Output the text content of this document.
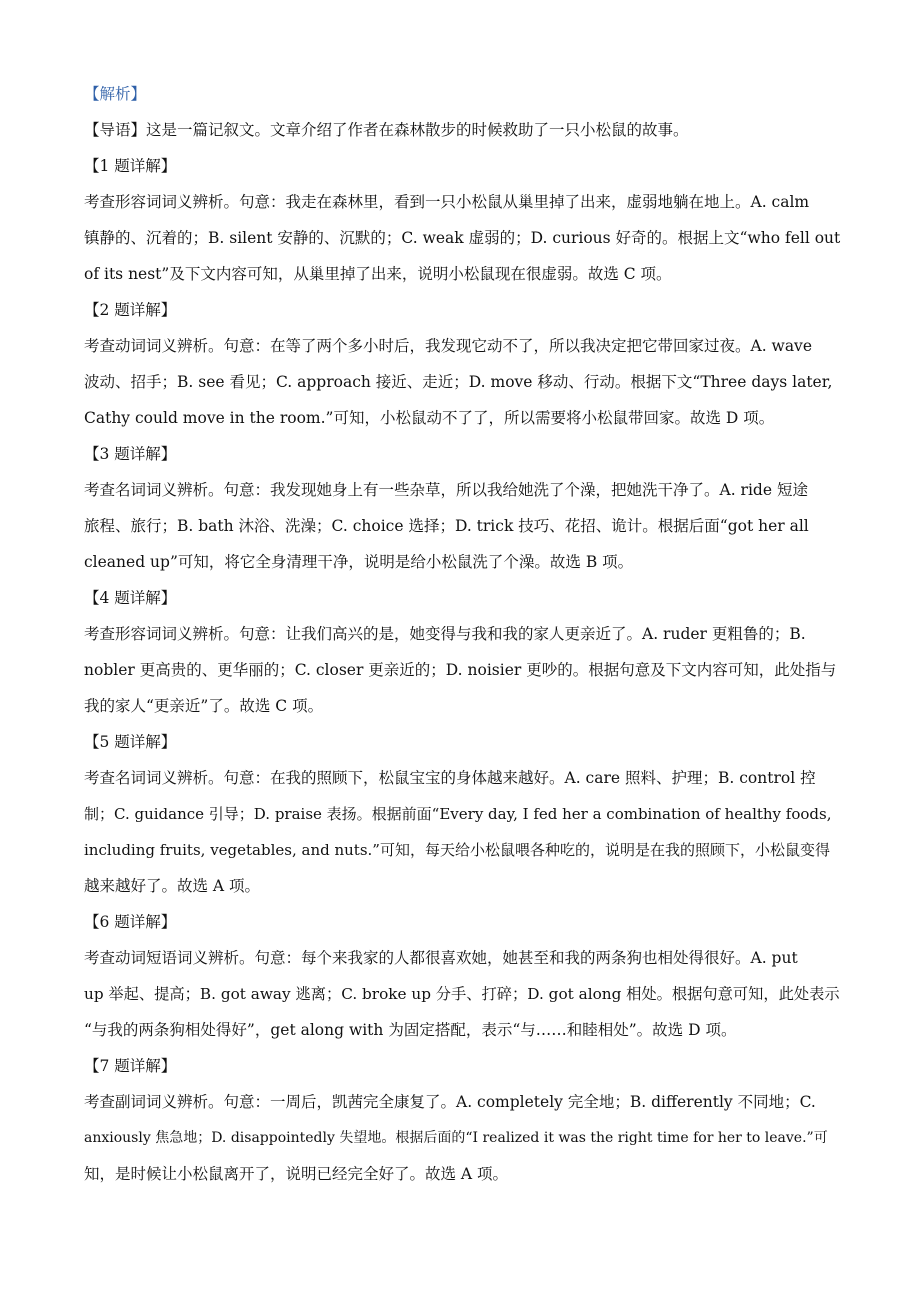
【解析】
【导语】这是一篇记叙文。文章介绍了作者在森林散步的时候救助了一只小松鼠的故事。
【1 题详解】
考查形容词词义辨析。句意：我走在森林里，看到一只小松鼠从巢里掉了出来，虚弱地躺在地上。A. calm
镇静的、沉着的；B. silent 安静的、沉默的；C. weak 虚弱的；D. curious 好奇的。根据上文“who fell out
of its nest”及下文内容可知，从巢里掉了出来，说明小松鼠现在很虚弱。故选 C 项。
【2 题详解】
考查动词词义辨析。句意：在等了两个多小时后，我发现它动不了，所以我决定把它带回家过夜。A. wave
波动、招手；B. see 看见；C. approach 接近、走近；D. move 移动、行动。根据下文“Three days later,
Cathy could move in the room.”可知，小松鼠动不了了，所以需要将小松鼠带回家。故选 D 项。
【3 题详解】
考查名词词义辨析。句意：我发现她身上有一些杂草，所以我给她洗了个澡，把她洗干净了。A. ride 短途
旅程、旅行；B. bath 沐浴、洗澡；C. choice 选择；D. trick 技巧、花招、诡计。根据后面“got her all
cleaned up”可知，将它全身清理干净，说明是给小松鼠洗了个澡。故选 B 项。
【4 题详解】
考查形容词词义辨析。句意：让我们高兴的是，她变得与我和我的家人更亲近了。A. ruder 更粗鲁的；B.
nobler 更高贵的、更华丽的；C. closer 更亲近的；D. noisier 更吵的。根据句意及下文内容可知，此处指与
我的家人“更亲近”了。故选 C 项。
【5 题详解】
考查名词词义辨析。句意：在我的照顾下，松鼠宝宝的身体越来越好。A. care 照料、护理；B. control 控
制；C. guidance 引导；D. praise 表扬。根据前面“Every day, I fed her a combination of healthy foods,
including fruits, vegetables, and nuts.”可知，每天给小松鼠喂各种吃的，说明是在我的照顾下，小松鼠变得
越来越好了。故选 A 项。
【6 题详解】
考查动词短语词义辨析。句意：每个来我家的人都很喜欢她，她甚至和我的两条狗也相处得很好。A. put
up 举起、提高；B. got away 逃离；C. broke up 分手、打碎；D. got along 相处。根据句意可知，此处表示
“与我的两条狗相处得好”，get along with 为固定搭配，表示“与……和睦相处”。故选 D 项。
【7 题详解】
考查副词词义辨析。句意：一周后，凯茜完全康复了。A. completely 完全地；B. differently 不同地；C.
anxiously 焦急地；D. disappointedly 失望地。根据后面的“I realized it was the right time for her to leave.”可
知，是时候让小松鼠离开了，说明已经完全好了。故选 A 项。
